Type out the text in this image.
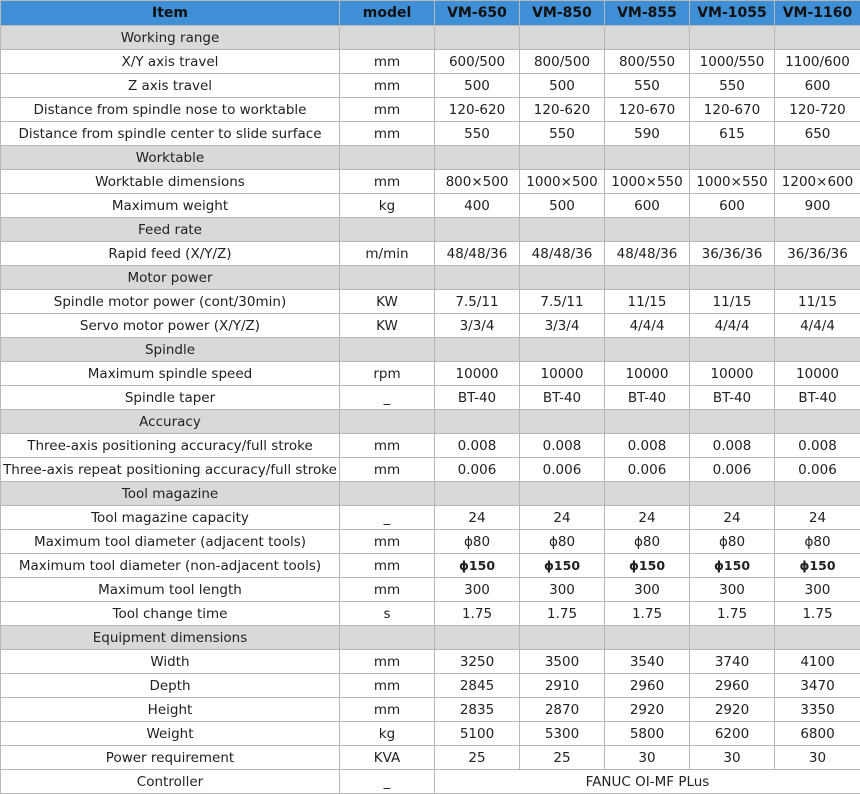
Item	model	VM-650	VM-850	VM-855	VM-1055	VM-1160
Working range						
X/Y axis travel	mm	600/500	800/500	800/550	1000/550	1100/600
Z axis travel	mm	500	500	550	550	600
Distance from spindle nose to worktable	mm	120-620	120-620	120-670	120-670	120-720
Distance from spindle center to slide surface	mm	550	550	590	615	650
Worktable						
Worktable dimensions	mm	800×500	1000×500	1000×550	1000×550	1200×600
Maximum weight	kg	400	500	600	600	900
Feed rate						
Rapid feed (X/Y/Z)	m/min	48/48/36	48/48/36	48/48/36	36/36/36	36/36/36
Motor power						
Spindle motor power (cont/30min)	KW	7.5/11	7.5/11	11/15	11/15	11/15
Servo motor power (X/Y/Z)	KW	3/3/4	3/3/4	4/4/4	4/4/4	4/4/4
Spindle						
Maximum spindle speed	rpm	10000	10000	10000	10000	10000
Spindle taper	_	BT-40	BT-40	BT-40	BT-40	BT-40
Accuracy						
Three-axis positioning accuracy/full stroke	mm	0.008	0.008	0.008	0.008	0.008
Three-axis repeat positioning accuracy/full stroke	mm	0.006	0.006	0.006	0.006	0.006
Tool magazine						
Tool magazine capacity	_	24	24	24	24	24
Maximum tool diameter (adjacent tools)	mm	ϕ80	ϕ80	ϕ80	ϕ80	ϕ80
Maximum tool diameter (non-adjacent tools)	mm	ϕ150	ϕ150	ϕ150	ϕ150	ϕ150
Maximum tool length	mm	300	300	300	300	300
Tool change time	s	1.75	1.75	1.75	1.75	1.75
Equipment dimensions						
Width	mm	3250	3500	3540	3740	4100
Depth	mm	2845	2910	2960	2960	3470
Height	mm	2835	2870	2920	2920	3350
Weight	kg	5100	5300	5800	6200	6800
Power requirement	KVA	25	25	30	30	30
Controller	_	FANUC OI-MF PLus				
